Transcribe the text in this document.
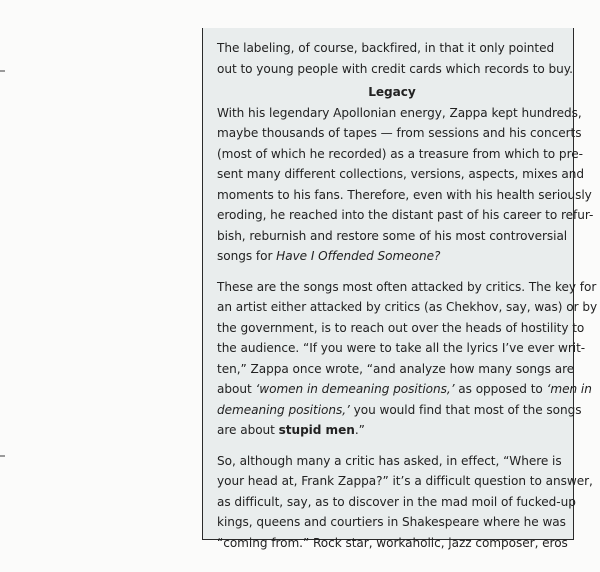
The labeling, of course, backfired, in that it only pointed
out to young people with credit cards which records to buy.
Legacy
With his legendary Apollonian energy, Zappa kept hundreds,
maybe thousands of tapes — from sessions and his concerts
(most of which he recorded) as a treasure from which to pre-
sent many different collections, versions, aspects, mixes and
moments to his fans. Therefore, even with his health seriously
eroding, he reached into the distant past of his career to refur-
bish, reburnish and restore some of his most controversial
songs for Have I Offended Someone?
These are the songs most often attacked by critics. The key for
an artist either attacked by critics (as Chekhov, say, was) or by
the government, is to reach out over the heads of hostility to
the audience. “If you were to take all the lyrics I’ve ever writ-
ten,” Zappa once wrote, “and analyze how many songs are
about ‘women in demeaning positions,’ as opposed to ‘men in
demeaning positions,’ you would find that most of the songs
are about stupid men.”
So, although many a critic has asked, in effect, “Where is
your head at, Frank Zappa?” it’s a difficult question to answer,
as difficult, say, as to discover in the mad moil of fucked-up
kings, queens and courtiers in Shakespeare where he was
“coming from.” Rock star, workaholic, jazz composer, eros
